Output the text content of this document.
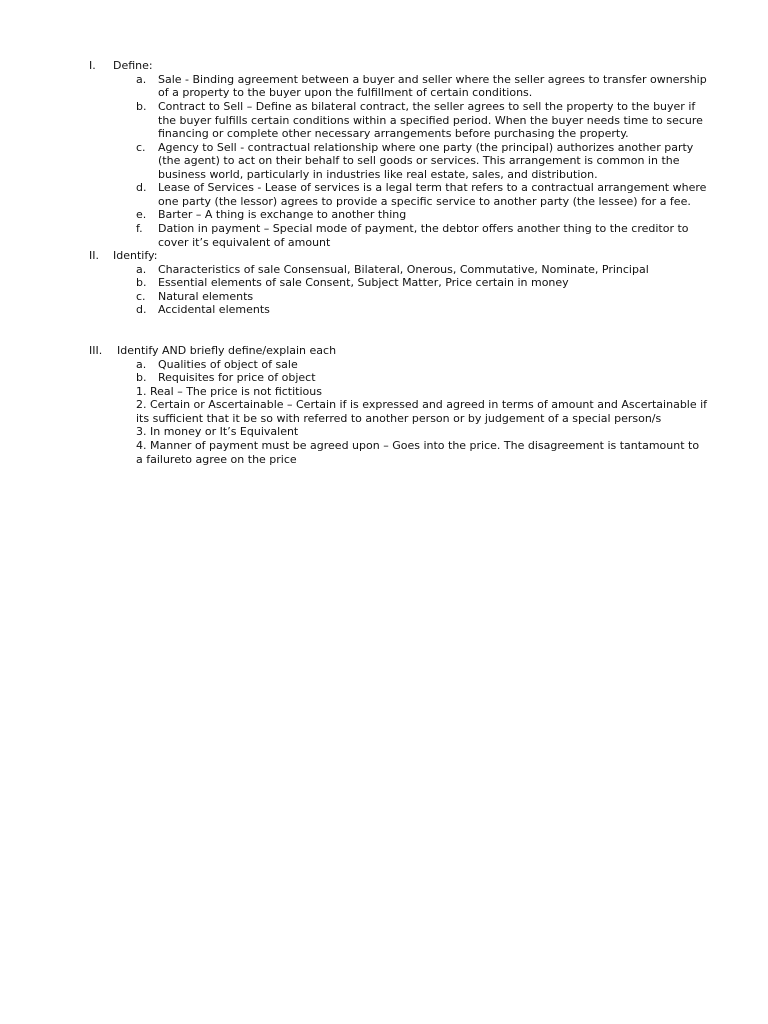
I. Define:
a. Sale - Binding agreement between a buyer and seller where the seller agrees to transfer ownership
of a property to the buyer upon the fulfillment of certain conditions.
b. Contract to Sell – Define as bilateral contract, the seller agrees to sell the property to the buyer if
the buyer fulfills certain conditions within a specified period. When the buyer needs time to secure
financing or complete other necessary arrangements before purchasing the property.
c. Agency to Sell - contractual relationship where one party (the principal) authorizes another party
(the agent) to act on their behalf to sell goods or services. This arrangement is common in the
business world, particularly in industries like real estate, sales, and distribution.
d. Lease of Services - Lease of services is a legal term that refers to a contractual arrangement where
one party (the lessor) agrees to provide a specific service to another party (the lessee) for a fee.
e. Barter – A thing is exchange to another thing
f. Dation in payment – Special mode of payment, the debtor offers another thing to the creditor to
cover it’s equivalent of amount
II. Identify:
a. Characteristics of sale Consensual, Bilateral, Onerous, Commutative, Nominate, Principal
b. Essential elements of sale Consent, Subject Matter, Price certain in money
c. Natural elements
d. Accidental elements
III. Identify AND briefly define/explain each
a. Qualities of object of sale
b. Requisites for price of object
1. Real – The price is not fictitious
2. Certain or Ascertainable – Certain if is expressed and agreed in terms of amount and Ascertainable if
its sufficient that it be so with referred to another person or by judgement of a special person/s
3. In money or It’s Equivalent
4. Manner of payment must be agreed upon – Goes into the price. The disagreement is tantamount to
a failureto agree on the price
